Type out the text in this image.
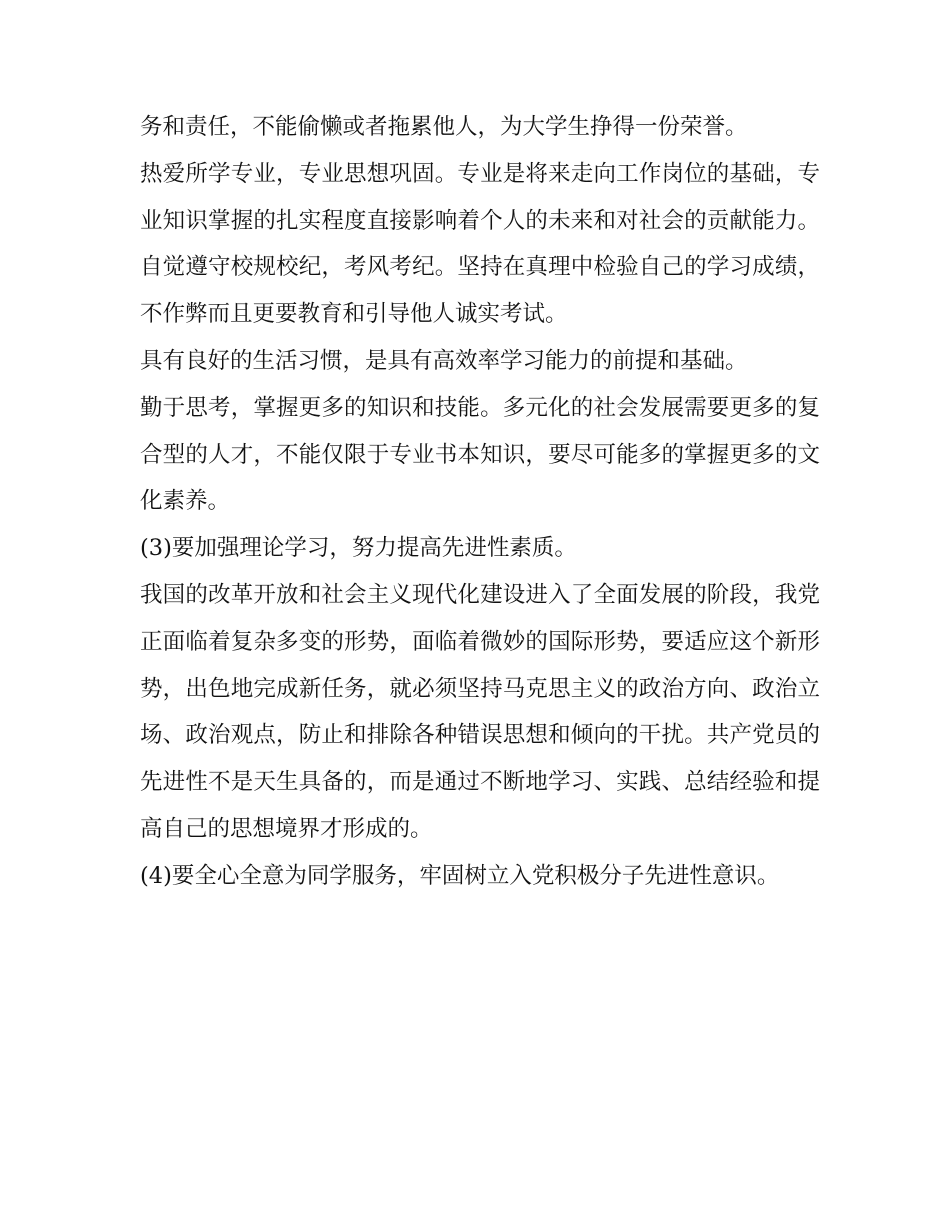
务和责任，不能偷懒或者拖累他人，为大学生挣得一份荣誉。

热爱所学专业，专业思想巩固。专业是将来走向工作岗位的基础，专业知识掌握的扎实程度直接影响着个人的未来和对社会的贡献能力。自觉遵守校规校纪，考风考纪。坚持在真理中检验自己的学习成绩，不作弊而且更要教育和引导他人诚实考试。

具有良好的生活习惯，是具有高效率学习能力的前提和基础。

勤于思考，掌握更多的知识和技能。多元化的社会发展需要更多的复合型的人才，不能仅限于专业书本知识，要尽可能多的掌握更多的文化素养。

(3)要加强理论学习，努力提高先进性素质。

我国的改革开放和社会主义现代化建设进入了全面发展的阶段，我党正面临着复杂多变的形势，面临着微妙的国际形势，要适应这个新形势，出色地完成新任务，就必须坚持马克思主义的政治方向、政治立场、政治观点，防止和排除各种错误思想和倾向的干扰。共产党员的先进性不是天生具备的，而是通过不断地学习、实践、总结经验和提高自己的思想境界才形成的。

(4)要全心全意为同学服务，牢固树立入党积极分子先进性意识。
